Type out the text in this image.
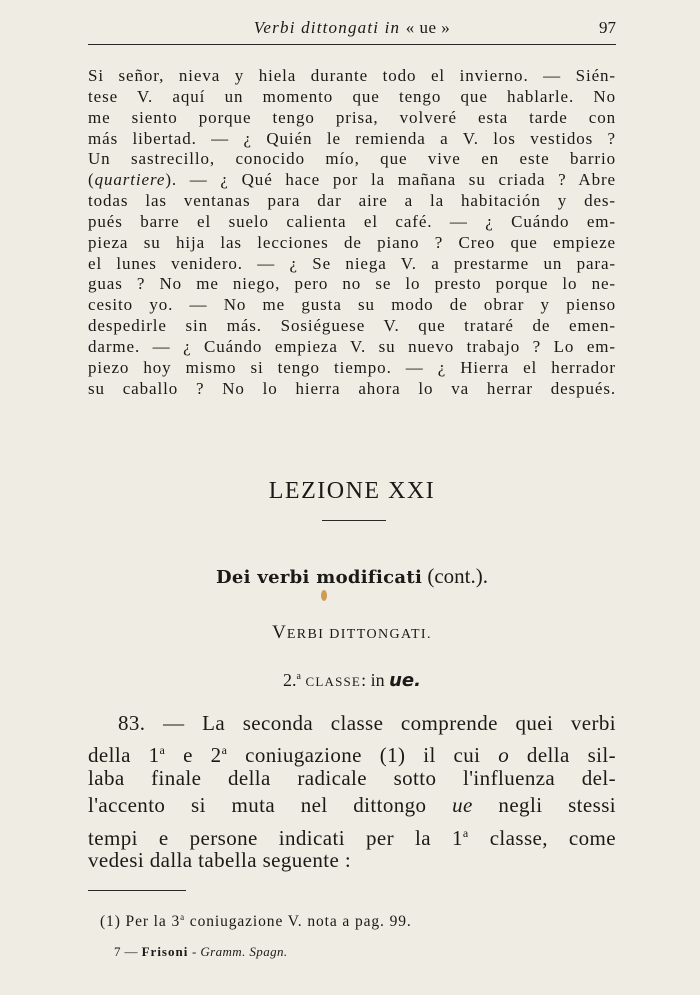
Verbi dittongati in « ue »	97
Si señor, nieva y hiela durante todo el invierno. — Sién-
tese V. aquí un momento que tengo que hablarle. No
me siento porque tengo prisa, volveré esta tarde con
más libertad. — ¿ Quién le remienda a V. los vestidos ?
Un sastrecillo, conocido mío, que vive en este barrio
(quartiere). — ¿ Qué hace por la mañana su criada ? Abre
todas las ventanas para dar aire a la habitación y des-
pués barre el suelo calienta el café. — ¿ Cuándo em-
pieza su hija las lecciones de piano ? Creo que empieze
el lunes venidero. — ¿ Se niega V. a prestarme un para-
guas ? No me niego, pero no se lo presto porque lo ne-
cesito yo. — No me gusta su modo de obrar y pienso
despedirle sin más. Sosiéguese V. que trataré de emen-
darme. — ¿ Cuándo empieza V. su nuevo trabajo ? Lo em-
piezo hoy mismo si tengo tiempo. — ¿ Hierra el herrador
su caballo ? No lo hierra ahora lo va herrar después.
LEZIONE XXI
Dei verbi modificati (cont.).
VERBI DITTONGATI.
2.$^a$ CLASSE: in ue.
83. — La seconda classe comprende quei verbi
della 1$^a$ e 2$^a$ coniugazione (1) il cui o della sil-
laba finale della radicale sotto l'influenza del-
l'accento si muta nel dittongo ue negli stessi
tempi e persone indicati per la 1$^a$ classe, come
vedesi dalla tabella seguente :
(1) Per la 3$^a$ coniugazione V. nota a pag. 99.
7 — Frisoni - Gramm. Spagn.
